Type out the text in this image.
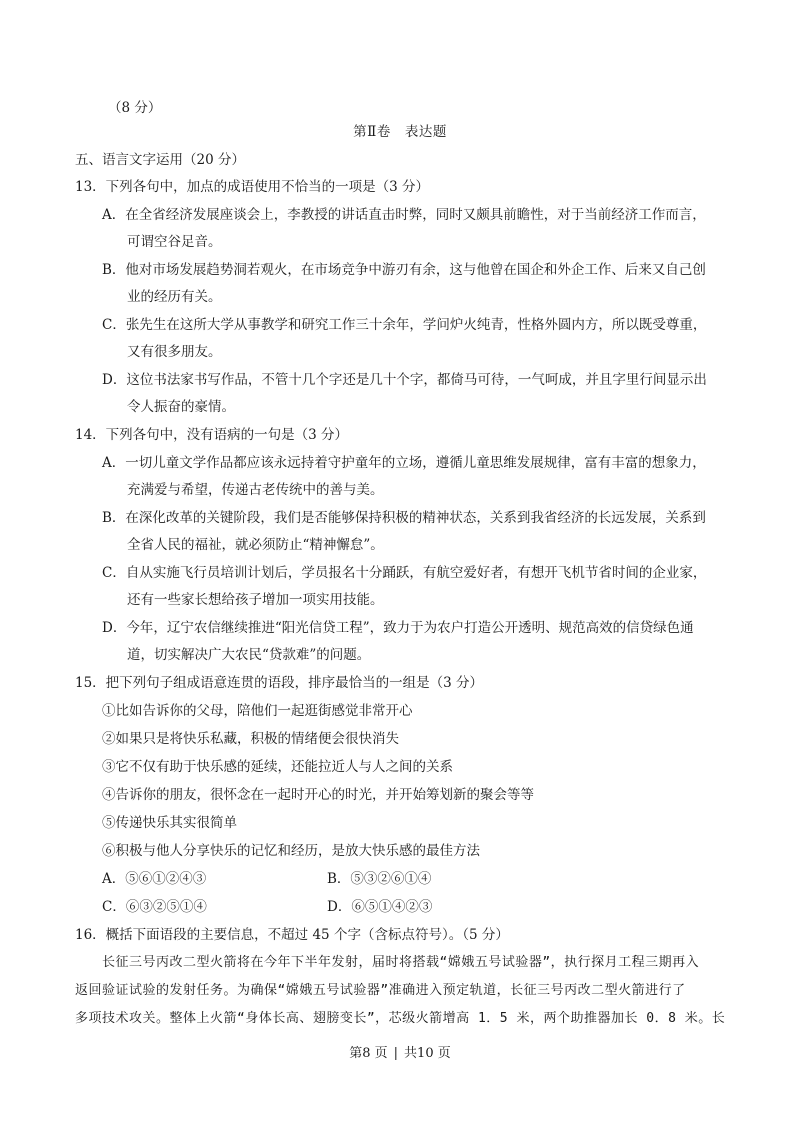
（8 分）
第Ⅱ卷 表达题
五、语言文字运用（20 分）
13．下列各句中，加点的成语使用不恰当的一项是（3 分）
A．在全省经济发展座谈会上，李教授的讲话直击时弊，同时又颇具前瞻性，对于当前经济工作而言，
可谓空谷足音。
B．他对市场发展趋势洞若观火，在市场竞争中游刃有余，这与他曾在国企和外企工作、后来又自己创
业的经历有关。
C．张先生在这所大学从事教学和研究工作三十余年，学问炉火纯青，性格外圆内方，所以既受尊重，
又有很多朋友。
D．这位书法家书写作品，不管十几个字还是几十个字，都倚马可待，一气呵成，并且字里行间显示出
令人振奋的豪情。
14．下列各句中，没有语病的一句是（3 分）
A．一切儿童文学作品都应该永远持着守护童年的立场，遵循儿童思维发展规律，富有丰富的想象力，
充满爱与希望，传递古老传统中的善与美。
B．在深化改革的关键阶段，我们是否能够保持积极的精神状态，关系到我省经济的长远发展，关系到
全省人民的福祉，就必须防止“精神懈怠”。
C．自从实施飞行员培训计划后，学员报名十分踊跃，有航空爱好者，有想开飞机节省时间的企业家，
还有一些家长想给孩子增加一项实用技能。
D．今年，辽宁农信继续推进“阳光信贷工程”，致力于为农户打造公开透明、规范高效的信贷绿色通
道，切实解决广大农民“贷款难”的问题。
15．把下列句子组成语意连贯的语段，排序最恰当的一组是（3 分）
①比如告诉你的父母，陪他们一起逛街感觉非常开心
②如果只是将快乐私藏，积极的情绪便会很快消失
③它不仅有助于快乐感的延续，还能拉近人与人之间的关系
④告诉你的朋友，很怀念在一起时开心的时光，并开始筹划新的聚会等等
⑤传递快乐其实很简单
⑥积极与他人分享快乐的记忆和经历，是放大快乐感的最佳方法
A．⑤⑥①②④③	B．⑤③②⑥①④
C．⑥③②⑤①④	D．⑥⑤①④②③
16．概括下面语段的主要信息，不超过 45 个字（含标点符号）。（5 分）
长征三号丙改二型火箭将在今年下半年发射，届时将搭载“嫦娥五号试验器”，执行探月工程三期再入
返回验证试验的发射任务。为确保“嫦娥五号试验器”准确进入预定轨道，长征三号丙改二型火箭进行了
多项技术攻关。整体上火箭“身体长高、翅膀变长”，芯级火箭增高 1．5 米，两个助推器加长 0．8 米。长
第8 页 | 共10 页
